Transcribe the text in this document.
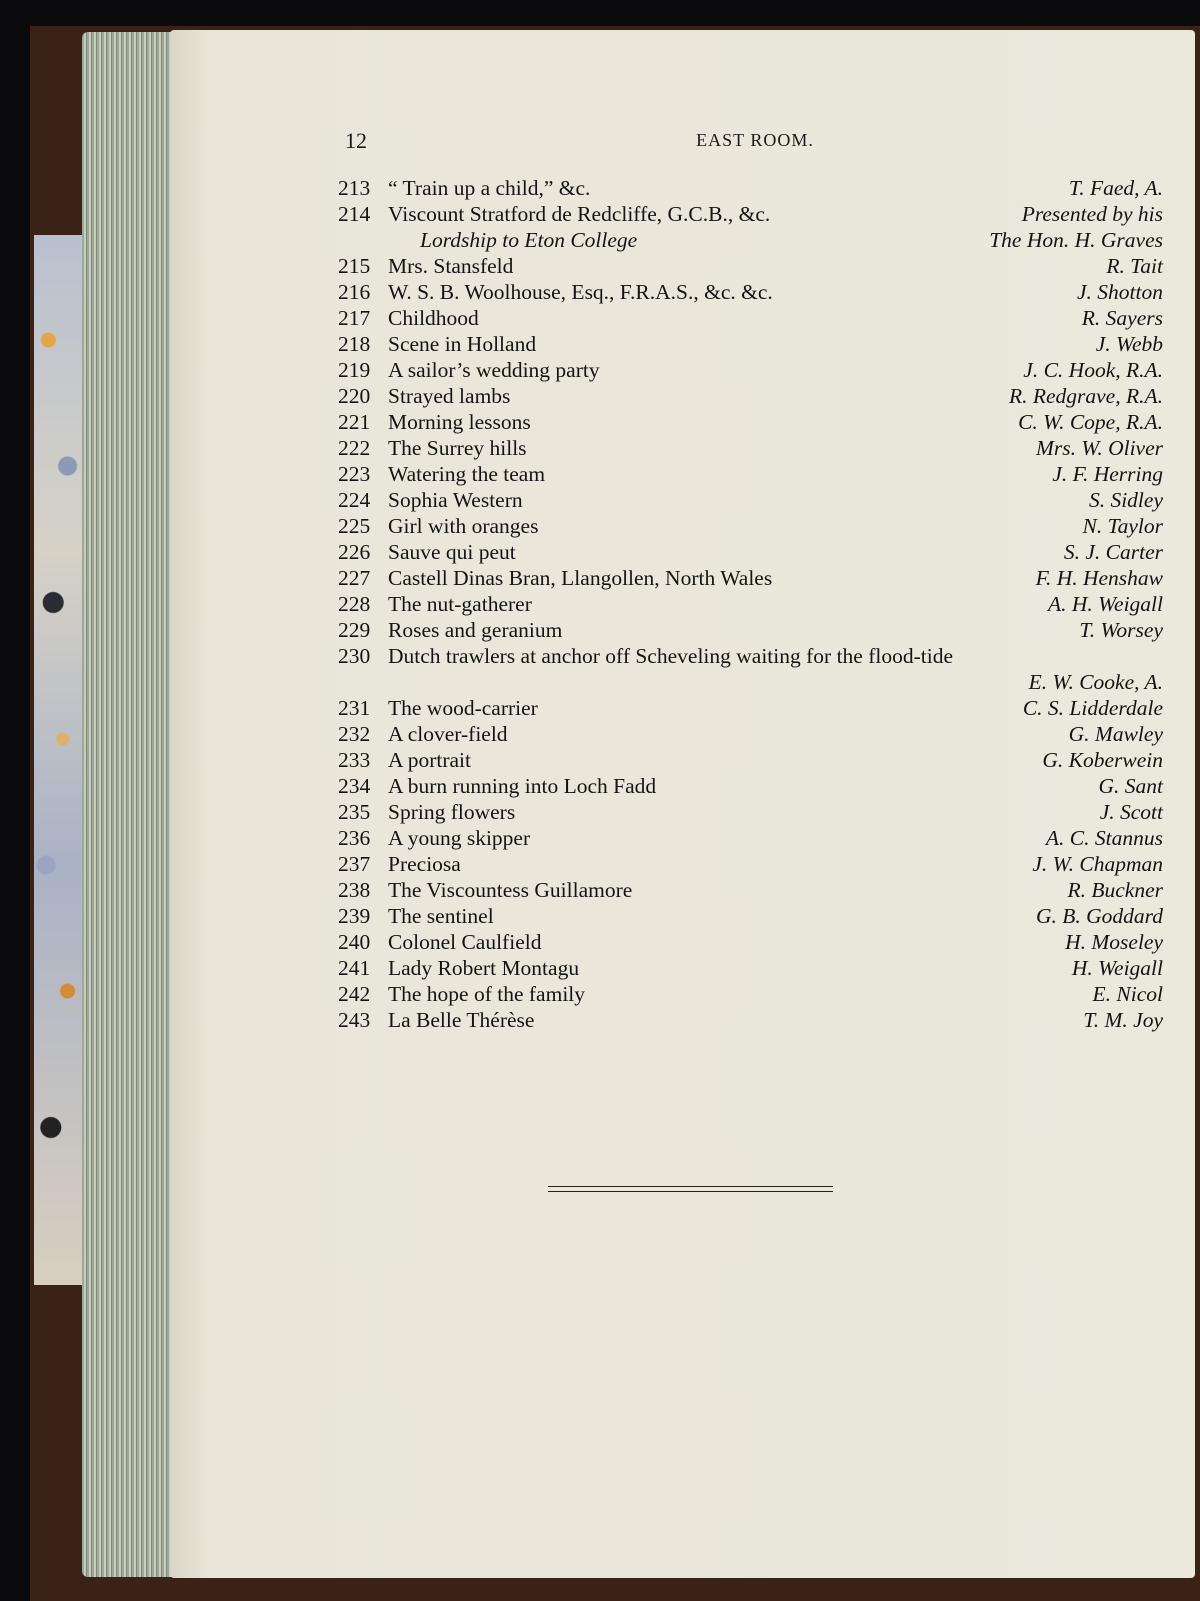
12	EAST ROOM.
213 “ Train up a child,” &c.	T. Faed, A.
214 Viscount Stratford de Redcliffe, G.C.B., &c.	Presented by his
Lordship to Eton College	The Hon. H. Graves
215 Mrs. Stansfeld	R. Tait
216 W. S. B. Woolhouse, Esq., F.R.A.S., &c. &c.	J. Shotton
217 Childhood	R. Sayers
218 Scene in Holland	J. Webb
219 A sailor’s wedding party	J. C. Hook, R.A.
220 Strayed lambs	R. Redgrave, R.A.
221 Morning lessons	C. W. Cope, R.A.
222 The Surrey hills	Mrs. W. Oliver
223 Watering the team	J. F. Herring
224 Sophia Western	S. Sidley
225 Girl with oranges	N. Taylor
226 Sauve qui peut	S. J. Carter
227 Castell Dinas Bran, Llangollen, North Wales	F. H. Henshaw
228 The nut-gatherer	A. H. Weigall
229 Roses and geranium	T. Worsey
230 Dutch trawlers at anchor off Scheveling waiting for the flood-tide
E. W. Cooke, A.
231 The wood-carrier	C. S. Lidderdale
232 A clover-field	G. Mawley
233 A portrait	G. Koberwein
234 A burn running into Loch Fadd	G. Sant
235 Spring flowers	J. Scott
236 A young skipper	A. C. Stannus
237 Preciosa	J. W. Chapman
238 The Viscountess Guillamore	R. Buckner
239 The sentinel	G. B. Goddard
240 Colonel Caulfield	H. Moseley
241 Lady Robert Montagu	H. Weigall
242 The hope of the family	E. Nicol
243 La Belle Thérèse	T. M. Joy
